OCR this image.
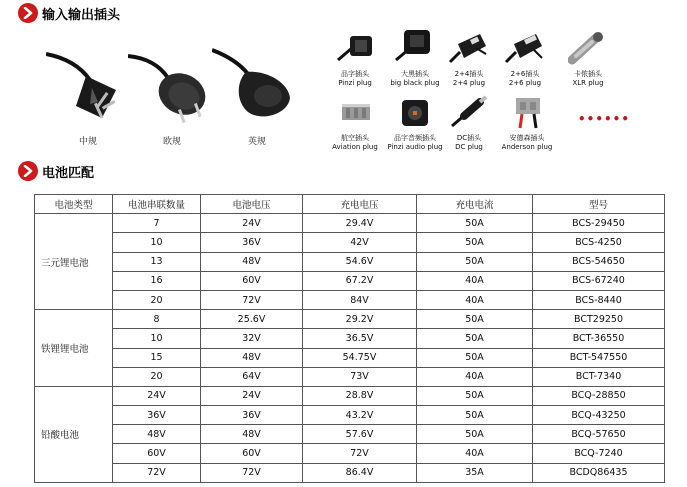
输入输出插头
中规	欧规	英规
品字插头
Pinzi plug
大黑插头
big black plug
2+4插头
2+4 plug
2+6插头
2+6 plug
卡侬插头
XLR plug
航空插头
Aviation plug
品字音频插头
Pinzi audio plug
DC插头
DC plug
安德森插头
Anderson plug
••••••
电池匹配
电池类型	电池串联数量	电池电压	充电电压	充电电流	型号
三元锂电池	7	24V	29.4V	50A	BCS-29450
	10	36V	42V	50A	BCS-4250
	13	48V	54.6V	50A	BCS-54650
	16	60V	67.2V	40A	BCS-67240
	20	72V	84V	40A	BCS-8440
铁锂锂电池	8	25.6V	29.2V	50A	BCT29250
	10	32V	36.5V	50A	BCT-36550
	15	48V	54.75V	50A	BCT-547550
	20	64V	73V	40A	BCT-7340
铅酸电池	24V	24V	28.8V	50A	BCQ-28850
	36V	36V	43.2V	50A	BCQ-43250
	48V	48V	57.6V	50A	BCQ-57650
	60V	60V	72V	40A	BCQ-7240
	72V	72V	86.4V	35A	BCDQ86435
